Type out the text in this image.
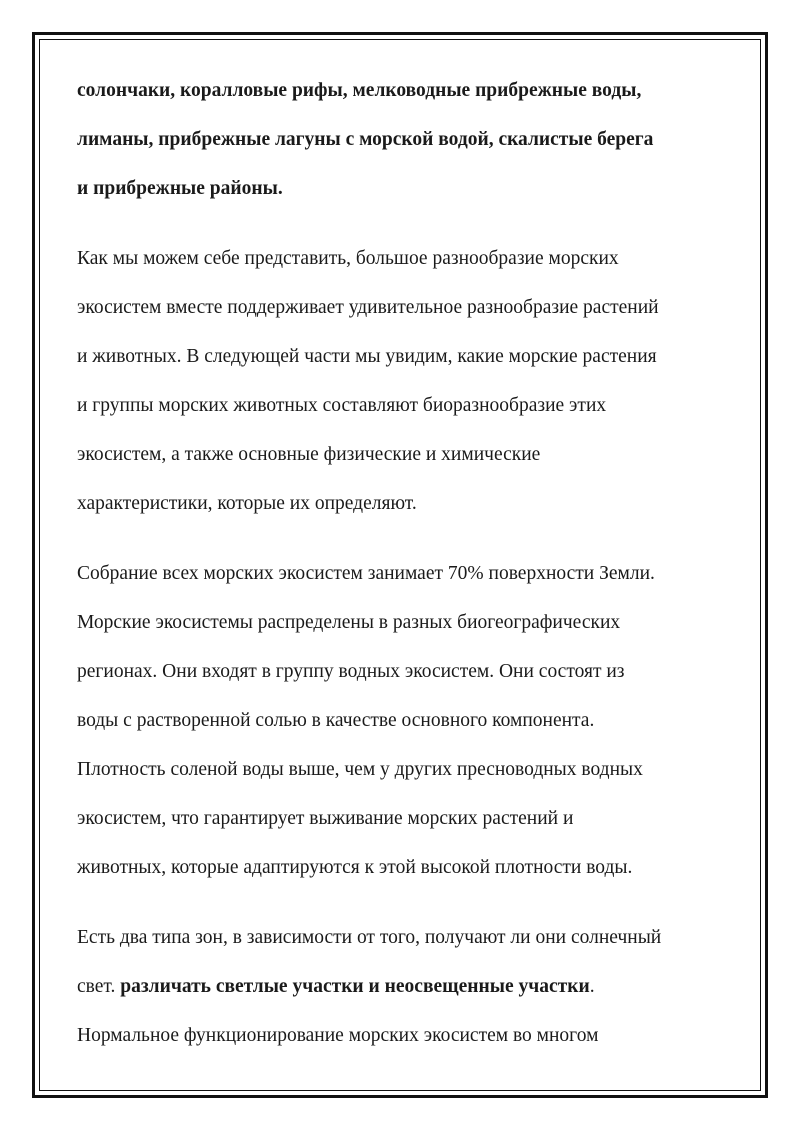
солончаки, коралловые рифы, мелководные прибрежные воды,
лиманы, прибрежные лагуны с морской водой, скалистые берега
и прибрежные районы.
Как мы можем себе представить, большое разнообразие морских
экосистем вместе поддерживает удивительное разнообразие растений
и животных. В следующей части мы увидим, какие морские растения
и группы морских животных составляют биоразнообразие этих
экосистем, а также основные физические и химические
характеристики, которые их определяют.
Собрание всех морских экосистем занимает 70% поверхности Земли.
Морские экосистемы распределены в разных биогеографических
регионах. Они входят в группу водных экосистем. Они состоят из
воды с растворенной солью в качестве основного компонента.
Плотность соленой воды выше, чем у других пресноводных водных
экосистем, что гарантирует выживание морских растений и
животных, которые адаптируются к этой высокой плотности воды.
Есть два типа зон, в зависимости от того, получают ли они солнечный
свет. различать светлые участки и неосвещенные участки.
Нормальное функционирование морских экосистем во многом
